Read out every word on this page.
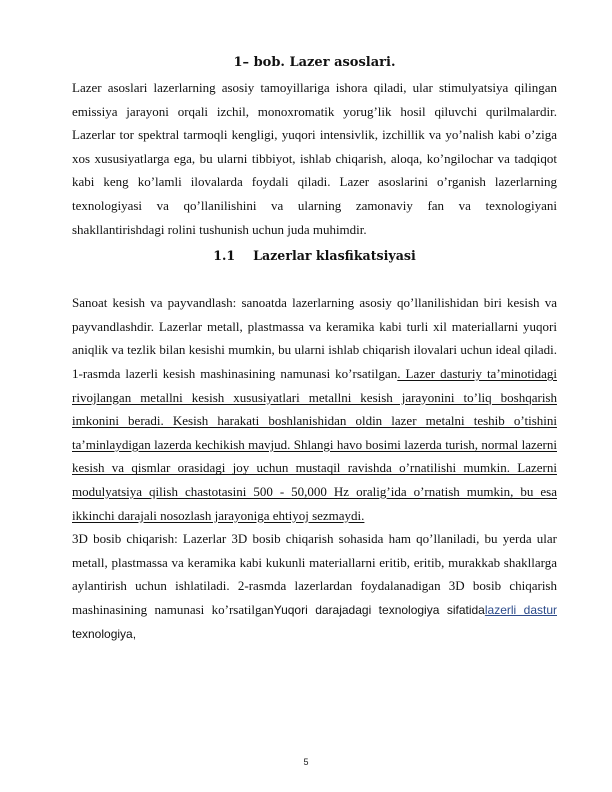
1– bob. Lazer asoslari.

Lazer asoslari lazerlarning asosiy tamoyillariga ishora qiladi, ular stimulyatsiya qilingan emissiya jarayoni orqali izchil, monoxromatik yorug’lik hosil qiluvchi qurilmalardir. Lazerlar tor spektral tarmoqli kengligi, yuqori intensivlik, izchillik va yo’nalish kabi o’ziga xos xususiyatlarga ega, bu ularni tibbiyot, ishlab chiqarish, aloqa, ko’ngilochar va tadqiqot kabi keng ko’lamli ilovalarda foydali qiladi. Lazer asoslarini o’rganish lazerlarning texnologiyasi va qo’llanilishini va ularning zamonaviy fan va texnologiyani shakllantirishdagi rolini tushunish uchun juda muhimdir.

1.1 Lazerlar klasfikatsiyasi

Sanoat kesish va payvandlash: sanoatda lazerlarning asosiy qo’llanilishidan biri kesish va payvandlashdir. Lazerlar metall, plastmassa va keramika kabi turli xil materiallarni yuqori aniqlik va tezlik bilan kesishi mumkin, bu ularni ishlab chiqarish ilovalari uchun ideal qiladi. 1-rasmda lazerli kesish mashinasining namunasi ko’rsatilgan. Lazer dasturiy ta’minotidagi rivojlangan metallni kesish xususiyatlari metallni kesish jarayonini to’liq boshqarish imkonini beradi. Kesish harakati boshlanishidan oldin lazer metalni teshib o’tishini ta’minlaydigan lazerda kechikish mavjud. Shlangi havo bosimi lazerda turish, normal lazerni kesish va qismlar orasidagi joy uchun mustaqil ravishda o’rnatilishi mumkin. Lazerni modulyatsiya qilish chastotasini 500 - 50,000 Hz oralig’ida o’rnatish mumkin, bu esa ikkinchi darajali nosozlash jarayoniga ehtiyoj sezmaydi.

3D bosib chiqarish: Lazerlar 3D bosib chiqarish sohasida ham qo’llaniladi, bu yerda ular metall, plastmassa va keramika kabi kukunli materiallarni eritib, eritib, murakkab shakllarga aylantirish uchun ishlatiladi. 2-rasmda lazerlardan foydalanadigan 3D bosib chiqarish mashinasining namunasi ko’rsatilganYuqori darajadagi texnologiya sifatidalazerli dastur texnologiya,

5
